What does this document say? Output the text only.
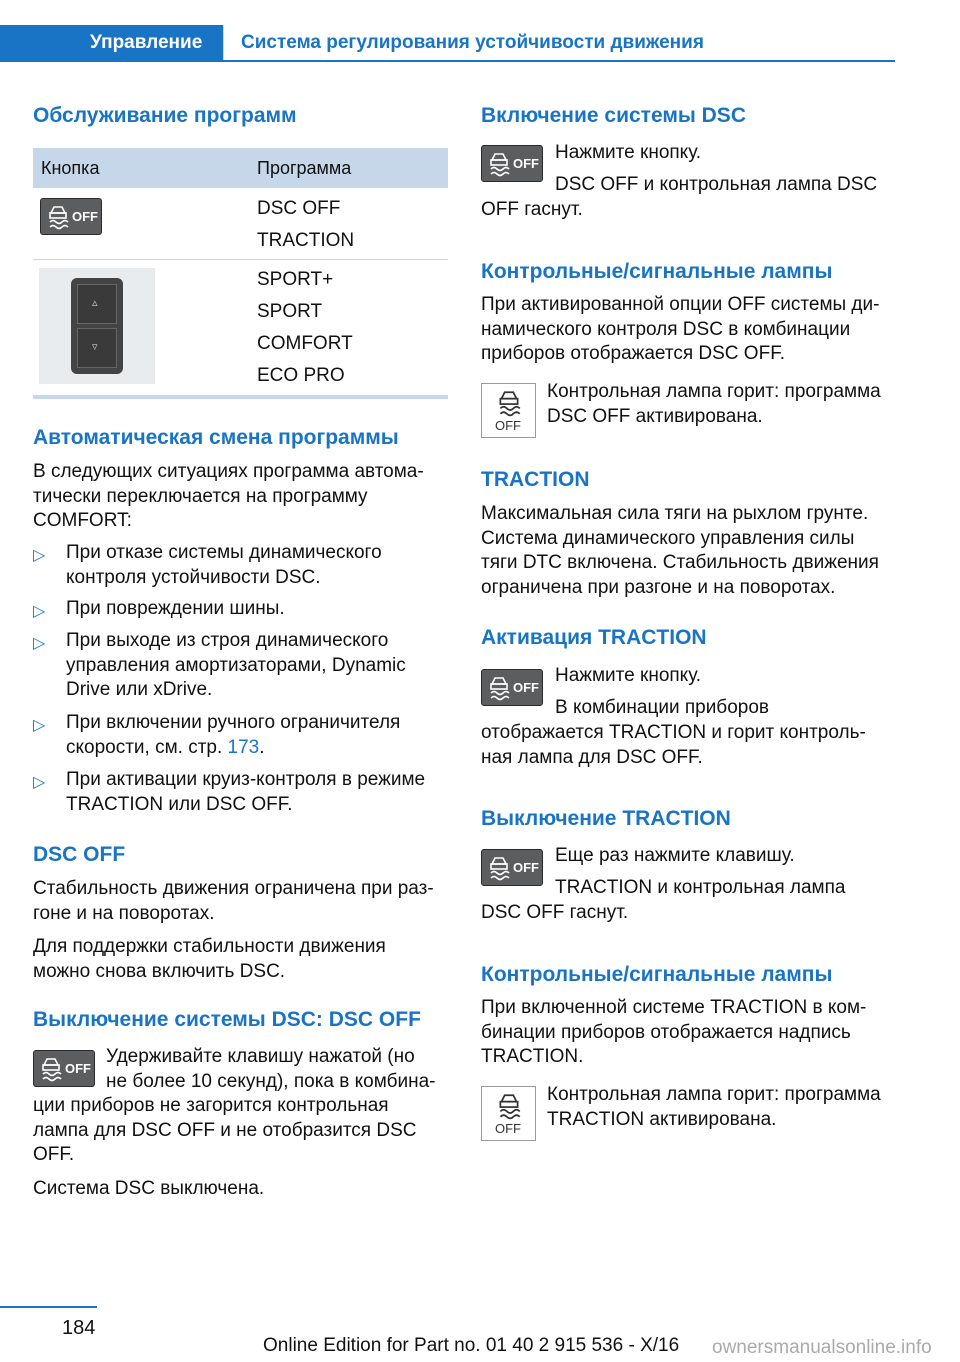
Управление Система регулирования устойчивости движения
Обслуживание программ
Кнопка	Программа
OFF	DSC OFF
TRACTION
▵
▿
SPORT+
SPORT
COMFORT
ECO PRO
Автоматическая смена программы
В следующих ситуациях программа автома-
тически переключается на программу
COMFORT:
▷ При отказе системы динамического
контроля устойчивости DSC.
▷ При повреждении шины.
▷ При выходе из строя динамического
управления амортизаторами, Dynamic
Drive или xDrive.
▷ При включении ручного ограничителя
скорости, см. стр. 173.
▷ При активации круиз-контроля в режиме
TRACTION или DSC OFF.
DSC OFF
Стабильность движения ограничена при раз-
гоне и на поворотах.
Для поддержки стабильности движения
можно снова включить DSC.
Выключение системы DSC: DSC OFF
OFF
Удерживайте клавишу нажатой (но
не более 10 секунд), пока в комбина-
ции приборов не загорится контрольная
лампа для DSC OFF и не отобразится DSC
OFF.
Система DSC выключена.
Включение системы DSC
OFF
Нажмите кнопку.
DSC OFF и контрольная лампа DSC
OFF гаснут.
Контрольные/сигнальные лампы
При активированной опции OFF системы ди-
намического контроля DSC в комбинации
приборов отображается DSC OFF.
OFF
Контрольная лампа горит: программа
DSC OFF активирована.
TRACTION
Максимальная сила тяги на рыхлом грунте.
Система динамического управления силы
тяги DTC включена. Стабильность движения
ограничена при разгоне и на поворотах.
Активация TRACTION
OFF
Нажмите кнопку.
В комбинации приборов
отображается TRACTION и горит контроль-
ная лампа для DSC OFF.
Выключение TRACTION
OFF
Еще раз нажмите клавишу.
TRACTION и контрольная лампа
DSC OFF гаснут.
Контрольные/сигнальные лампы
При включенной системе TRACTION в ком-
бинации приборов отображается надпись
TRACTION.
OFF
Контрольная лампа горит: программа
TRACTION активирована.
184
Online Edition for Part no. 01 40 2 915 536 - X/16 ownersmanualsonline.info
